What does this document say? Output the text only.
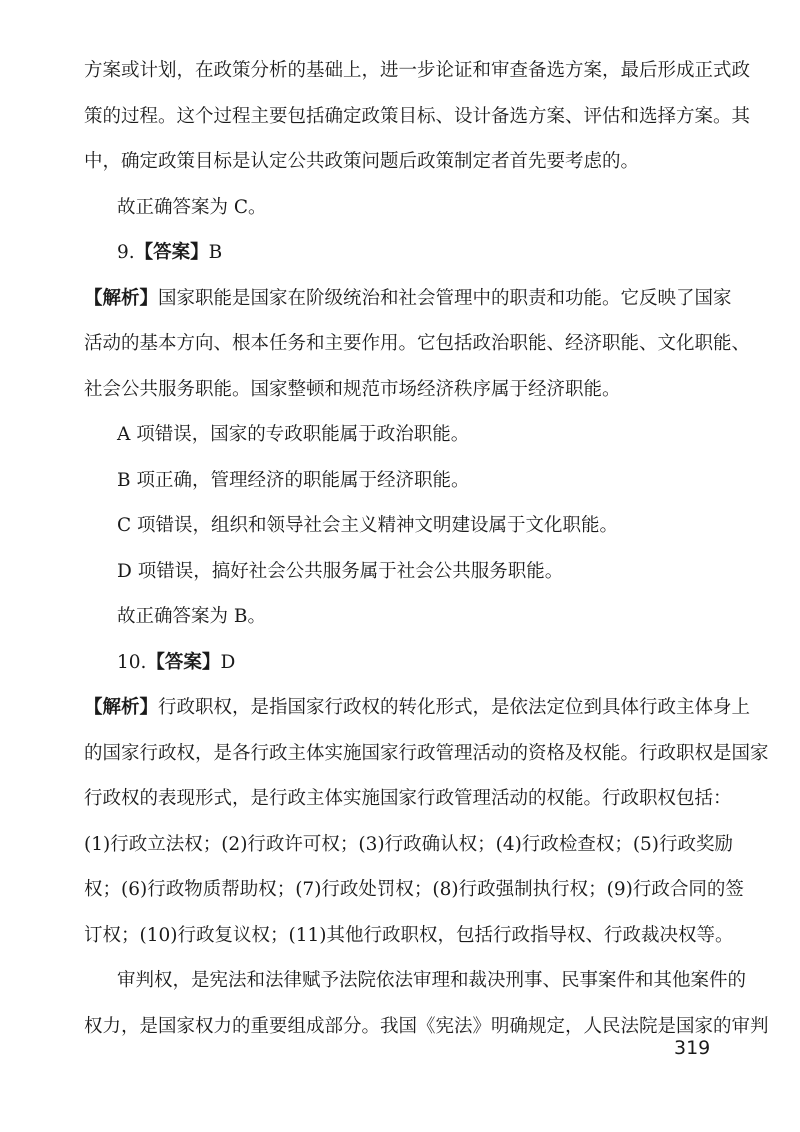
方案或计划，在政策分析的基础上，进一步论证和审查备选方案，最后形成正式政
策的过程。这个过程主要包括确定政策目标、设计备选方案、评估和选择方案。其
中，确定政策目标是认定公共政策问题后政策制定者首先要考虑的。
故正确答案为 C。
9.【答案】B
【解析】国家职能是国家在阶级统治和社会管理中的职责和功能。它反映了国家
活动的基本方向、根本任务和主要作用。它包括政治职能、经济职能、文化职能、
社会公共服务职能。国家整顿和规范市场经济秩序属于经济职能。
A 项错误，国家的专政职能属于政治职能。
B 项正确，管理经济的职能属于经济职能。
C 项错误，组织和领导社会主义精神文明建设属于文化职能。
D 项错误，搞好社会公共服务属于社会公共服务职能。
故正确答案为 B。
10.【答案】D
【解析】行政职权，是指国家行政权的转化形式，是依法定位到具体行政主体身上
的国家行政权，是各行政主体实施国家行政管理活动的资格及权能。行政职权是国家
行政权的表现形式，是行政主体实施国家行政管理活动的权能。行政职权包括：
(1)行政立法权；(2)行政许可权；(3)行政确认权；(4)行政检查权；(5)行政奖励
权；(6)行政物质帮助权；(7)行政处罚权；(8)行政强制执行权；(9)行政合同的签
订权；(10)行政复议权；(11)其他行政职权，包括行政指导权、行政裁决权等。
审判权，是宪法和法律赋予法院依法审理和裁决刑事、民事案件和其他案件的
权力，是国家权力的重要组成部分。我国《宪法》明确规定，人民法院是国家的审判
319
